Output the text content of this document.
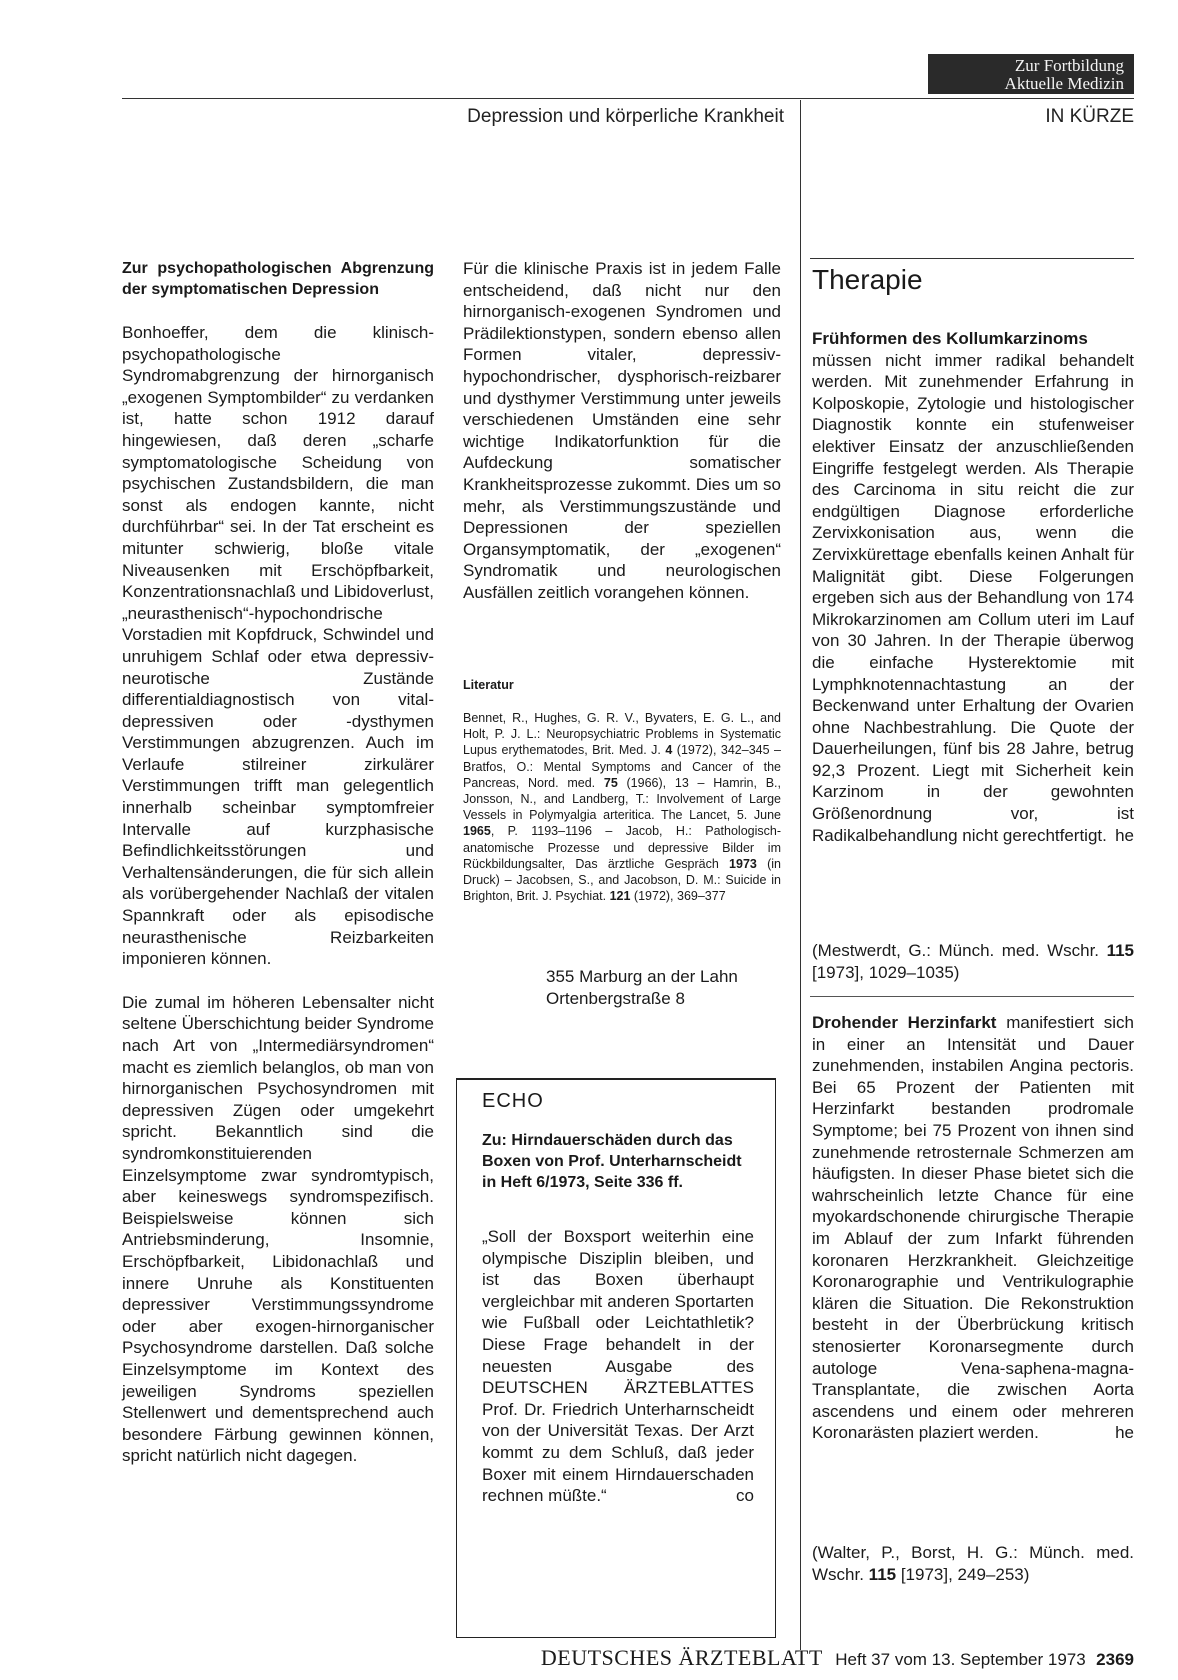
Zur Fortbildung
Aktuelle Medizin
Depression und körperliche Krankheit	IN KÜRZE
Zur psychopathologischen Abgrenzung der symptomatischen Depression

Bonhoeffer, dem die klinisch-psychopathologische Syndromabgrenzung der hirnorganisch „exogenen Symptombilder“ zu verdanken ist, hatte schon 1912 darauf hingewiesen, daß deren „scharfe symptomatologische Scheidung von psychischen Zustandsbildern, die man sonst als endogen kannte, nicht durchführbar“ sei. In der Tat erscheint es mitunter schwierig, bloße vitale Niveausenken mit Erschöpfbarkeit, Konzentrationsnachlaß und Libidoverlust, „neurasthenisch“-hypochondrische Vorstadien mit Kopfdruck, Schwindel und unruhigem Schlaf oder etwa depressiv-neurotische Zustände differentialdiagnostisch von vital-depressiven oder -dysthymen Verstimmungen abzugrenzen. Auch im Verlaufe stilreiner zirkulärer Verstimmungen trifft man gelegentlich innerhalb scheinbar symptomfreier Intervalle auf kurzphasische Befindlichkeitsstörungen und Verhaltensänderungen, die für sich allein als vorübergehender Nachlaß der vitalen Spannkraft oder als episodische neurasthenische Reizbarkeiten imponieren können.

Die zumal im höheren Lebensalter nicht seltene Überschichtung beider Syndrome nach Art von „Intermediärsyndromen“ macht es ziemlich belanglos, ob man von hirnorganischen Psychosyndromen mit depressiven Zügen oder umgekehrt spricht. Bekanntlich sind die syndromkonstituierenden Einzelsymptome zwar syndromtypisch, aber keineswegs syndromspezifisch. Beispielsweise können sich Antriebsminderung, Insomnie, Erschöpfbarkeit, Libidonachlaß und innere Unruhe als Konstituenten depressiver Verstimmungssyndrome oder aber exogen-hirnorganischer Psychosyndrome darstellen. Daß solche Einzelsymptome im Kontext des jeweiligen Syndroms speziellen Stellenwert und dementsprechend auch besondere Färbung gewinnen können, spricht natürlich nicht dagegen.

Für die klinische Praxis ist in jedem Falle entscheidend, daß nicht nur den hirnorganisch-exogenen Syndromen und Prädilektionstypen, sondern ebenso allen Formen vitaler, depressiv-hypochondrischer, dysphorisch-reizbarer und dysthymer Verstimmung unter jeweils verschiedenen Umständen eine sehr wichtige Indikatorfunktion für die Aufdeckung somatischer Krankheitsprozesse zukommt. Dies um so mehr, als Verstimmungszustände und Depressionen der speziellen Organsymptomatik, der „exogenen“ Syndromatik und neurologischen Ausfällen zeitlich vorangehen können.

Literatur
Bennet, R., Hughes, G. R. V., Byvaters, E. G. L., and Holt, P. J. L.: Neuropsychiatric Problems in Systematic Lupus erythematodes, Brit. Med. J. 4 (1972), 342–345 – Bratfos, O.: Mental Symptoms and Cancer of the Pancreas, Nord. med. 75 (1966), 13 – Hamrin, B., Jonsson, N., and Landberg, T.: Involvement of Large Vessels in Polymyalgia arteritica. The Lancet, 5. June 1965, P. 1193–1196 – Jacob, H.: Pathologisch-anatomische Prozesse und depressive Bilder im Rückbildungsalter, Das ärztliche Gespräch 1973 (in Druck) – Jacobsen, S., and Jacobson, D. M.: Suicide in Brighton, Brit. J. Psychiat. 121 (1972), 369–377
355 Marburg an der Lahn
Ortenbergstraße 8
ECHO
Zu: Hirndauerschäden durch das Boxen von Prof. Unterharnscheidt in Heft 6/1973, Seite 336 ff.
„Soll der Boxsport weiterhin eine olympische Disziplin bleiben, und ist das Boxen überhaupt vergleichbar mit anderen Sportarten wie Fußball oder Leichtathletik? Diese Frage behandelt in der neuesten Ausgabe des DEUTSCHEN ÄRZTEBLATTES Prof. Dr. Friedrich Unterharnscheidt von der Universität Texas. Der Arzt kommt zu dem Schluß, daß jeder Boxer mit einem Hirndauerschaden rechnen müßte.“	co
Therapie
Frühformen des Kollumkarzinoms
müssen nicht immer radikal behandelt werden. Mit zunehmender Erfahrung in Kolposkopie, Zytologie und histologischer Diagnostik konnte ein stufenweiser elektiver Einsatz der anzuschließenden Eingriffe festgelegt werden. Als Therapie des Carcinoma in situ reicht die zur endgültigen Diagnose erforderliche Zervixkonisation aus, wenn die Zervixkürettage ebenfalls keinen Anhalt für Malignität gibt. Diese Folgerungen ergeben sich aus der Behandlung von 174 Mikrokarzinomen am Collum uteri im Lauf von 30 Jahren. In der Therapie überwog die einfache Hysterektomie mit Lymphknotennachtastung an der Beckenwand unter Erhaltung der Ovarien ohne Nachbestrahlung. Die Quote der Dauerheilungen, fünf bis 28 Jahre, betrug 92,3 Prozent. Liegt mit Sicherheit kein Karzinom in der gewohnten Größenordnung vor, ist Radikalbehandlung nicht gerechtfertigt. he
(Mestwerdt, G.: Münch. med. Wschr. 115 [1973], 1029–1035)
Drohender Herzinfarkt manifestiert sich in einer an Intensität und Dauer zunehmenden, instabilen Angina pectoris. Bei 65 Prozent der Patienten mit Herzinfarkt bestanden prodromale Symptome; bei 75 Prozent von ihnen sind zunehmende retrosternale Schmerzen am häufigsten. In dieser Phase bietet sich die wahrscheinlich letzte Chance für eine myokardschonende chirurgische Therapie im Ablauf der zum Infarkt führenden koronaren Herzkrankheit. Gleichzeitige Koronarographie und Ventrikulographie klären die Situation. Die Rekonstruktion besteht in der Überbrückung kritisch stenosierter Koronarsegmente durch autologe Vena-saphena-magna-Transplantate, die zwischen Aorta ascendens und einem oder mehreren Koronarästen plaziert werden.	he
(Walter, P., Borst, H. G.: Münch. med. Wschr. 115 [1973], 249–253)
DEUTSCHES ÄRZTEBLATT Heft 37 vom 13. September 1973 2369
